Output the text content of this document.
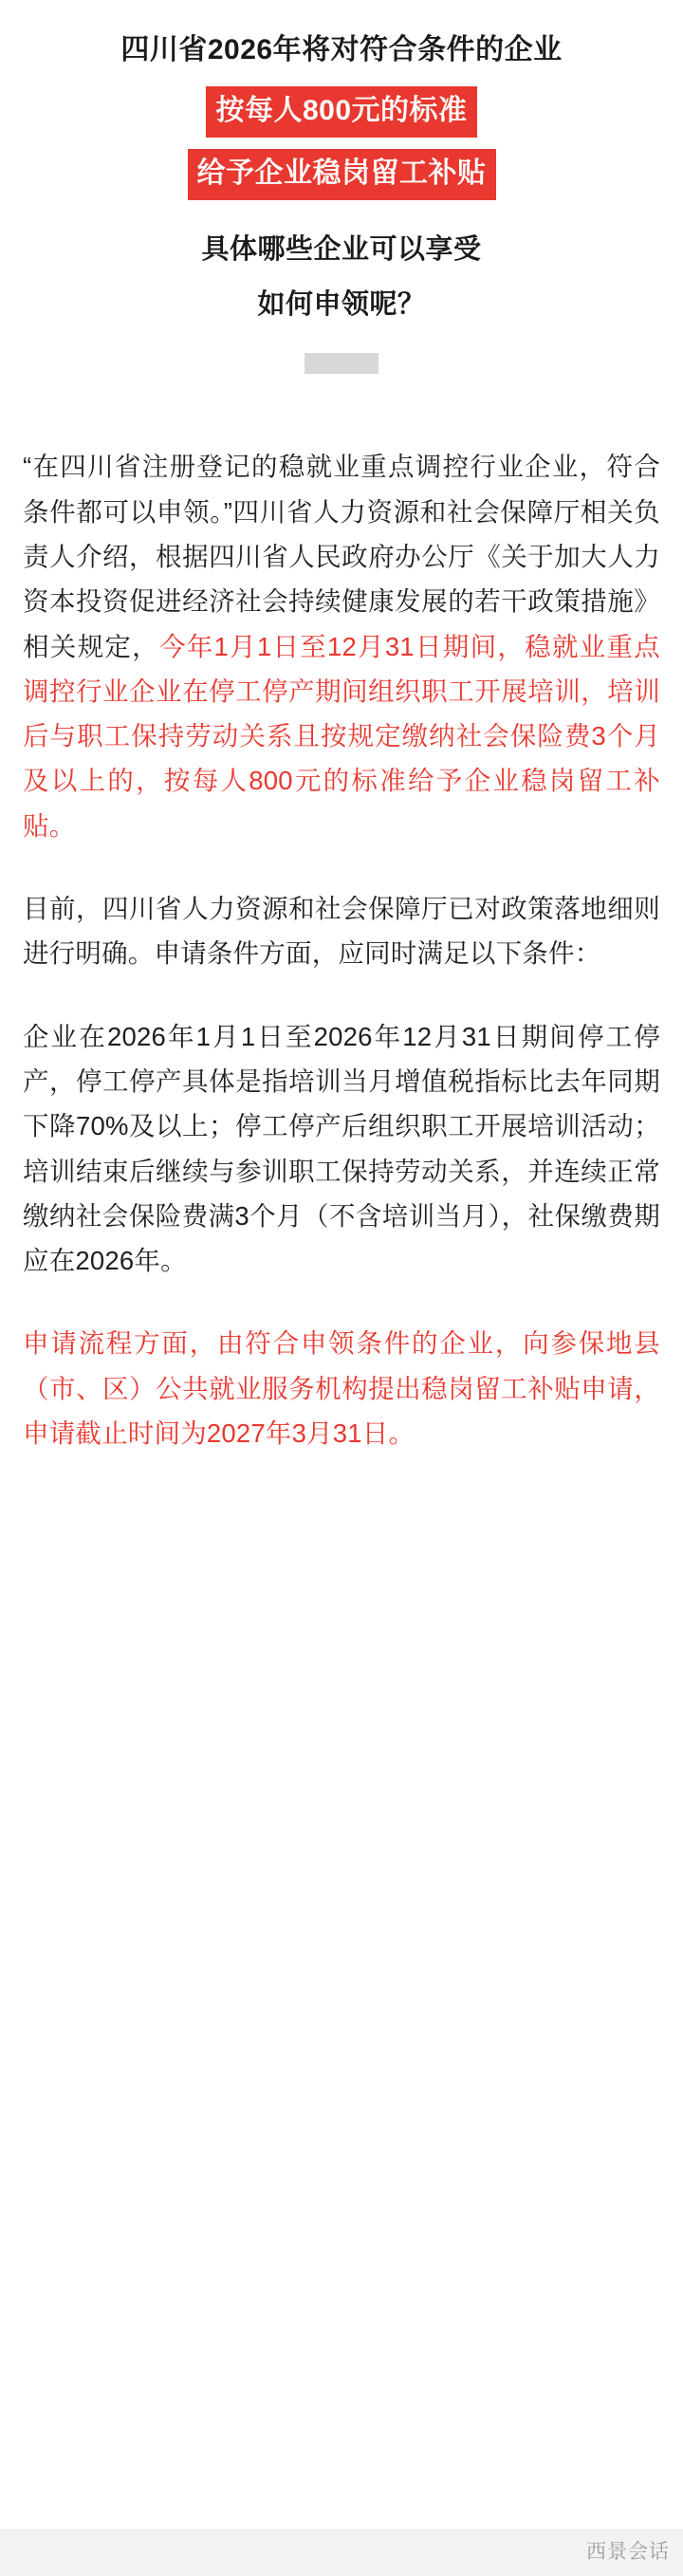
四川省2026年将对符合条件的企业
按每人800元的标准
给予企业稳岗留工补贴
具体哪些企业可以享受
如何申领呢？

“在四川省注册登记的稳就业重点调控行业企业，符合条件都可以申领。”四川省人力资源和社会保障厅相关负责人介绍，根据四川省人民政府办公厅《关于加大人力资本投资促进经济社会持续健康发展的若干政策措施》相关规定，今年1月1日至12月31日期间，稳就业重点调控行业企业在停工停产期间组织职工开展培训，培训后与职工保持劳动关系且按规定缴纳社会保险费3个月及以上的，按每人800元的标准给予企业稳岗留工补贴。

目前，四川省人力资源和社会保障厅已对政策落地细则进行明确。申请条件方面，应同时满足以下条件：

企业在2026年1月1日至2026年12月31日期间停工停产，停工停产具体是指培训当月增值税指标比去年同期下降70%及以上；停工停产后组织职工开展培训活动；培训结束后继续与参训职工保持劳动关系，并连续正常缴纳社会保险费满3个月（不含培训当月），社保缴费期应在2026年。

申请流程方面，由符合申领条件的企业，向参保地县（市、区）公共就业服务机构提出稳岗留工补贴申请，申请截止时间为2027年3月31日。

西景会话
